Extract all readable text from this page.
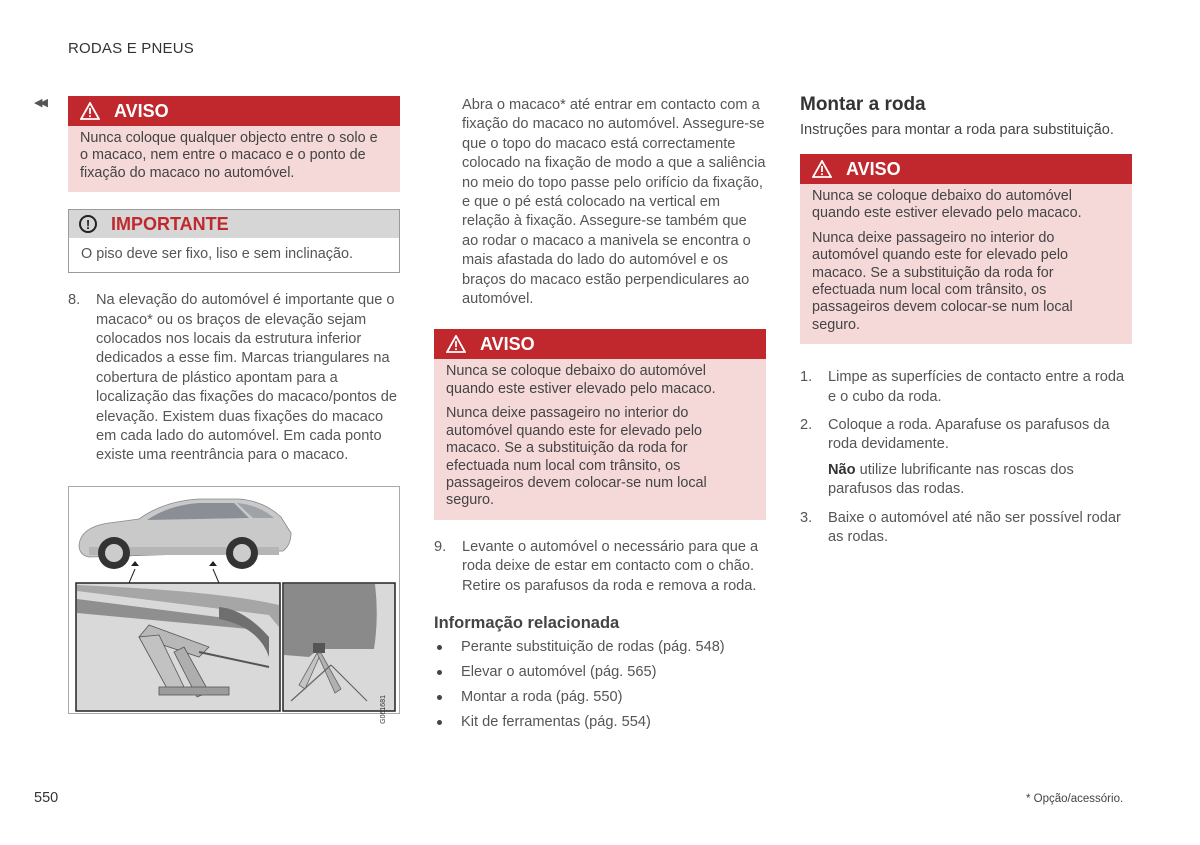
RODAS E PNEUS
◀◀	AVISO

Nunca coloque qualquer objecto entre o solo e o macaco, nem entre o macaco e o ponto de fixação do macaco no automóvel.

!	IMPORTANTE
O piso deve ser fixo, liso e sem inclinação.
8.	Na elevação do automóvel é importante que o macaco* ou os braços de elevação sejam colocados nos locais da estrutura inferior dedicados a esse fim. Marcas triangulares na cobertura de plástico apontam para a localização das fixações do macaco/pontos de elevação. Existem duas fixações do macaco em cada lado do automóvel. Em cada ponto existe uma reentrância para o macaco.
G061681

Abra o macaco* até entrar em contacto com a fixação do macaco no automóvel. Assegure-se que o topo do macaco está correctamente colocado na fixação de modo a que a saliência no meio do topo passe pelo orifício da fixação, e que o pé está colocado na vertical em relação à fixação. Assegure-se também que ao rodar o macaco a manivela se encontra o mais afastada do lado do automóvel e os braços do macaco estão perpendiculares ao automóvel.

AVISO

Nunca se coloque debaixo do automóvel quando este estiver elevado pelo macaco.

Nunca deixe passageiro no interior do automóvel quando este for elevado pelo macaco. Se a substituição da roda for efectuada num local com trânsito, os passageiros devem colocar-se num local seguro.

9.	Levante o automóvel o necessário para que a roda deixe de estar em contacto com o chão. Retire os parafusos da roda e remova a roda.
Informação relacionada
Perante substituição de rodas (pág. 548)
Elevar o automóvel (pág. 565)
Montar a roda (pág. 550)
Kit de ferramentas (pág. 554)
Montar a roda
Instruções para montar a roda para substituição.
AVISO

Nunca se coloque debaixo do automóvel quando este estiver elevado pelo macaco.

Nunca deixe passageiro no interior do automóvel quando este for elevado pelo macaco. Se a substituição da roda for efectuada num local com trânsito, os passageiros devem colocar-se num local seguro.

1.	Limpe as superfícies de contacto entre a roda e o cubo da roda.
2.	Coloque a roda. Aparafuse os parafusos da roda devidamente.

Não utilize lubrificante nas roscas dos parafusos das rodas.

3.	Baixe o automóvel até não ser possível rodar as rodas.
550	* Opção/acessório.
